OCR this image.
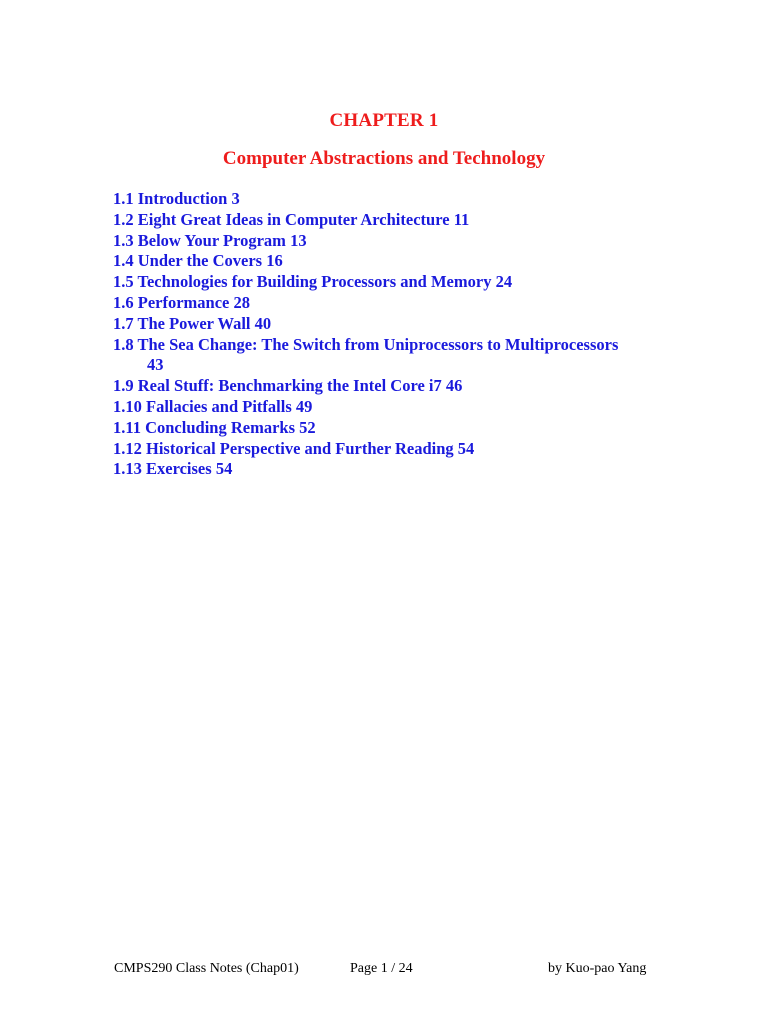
CHAPTER 1
Computer Abstractions and Technology
1.1 Introduction 3
1.2 Eight Great Ideas in Computer Architecture 11
1.3 Below Your Program 13
1.4 Under the Covers 16
1.5 Technologies for Building Processors and Memory 24
1.6 Performance 28
1.7 The Power Wall 40
1.8 The Sea Change: The Switch from Uniprocessors to Multiprocessors
43
1.9 Real Stuff: Benchmarking the Intel Core i7 46
1.10 Fallacies and Pitfalls 49
1.11 Concluding Remarks 52
1.12 Historical Perspective and Further Reading 54
1.13 Exercises 54
CMPS290 Class Notes (Chap01)	Page 1 / 24	by Kuo-pao Yang
